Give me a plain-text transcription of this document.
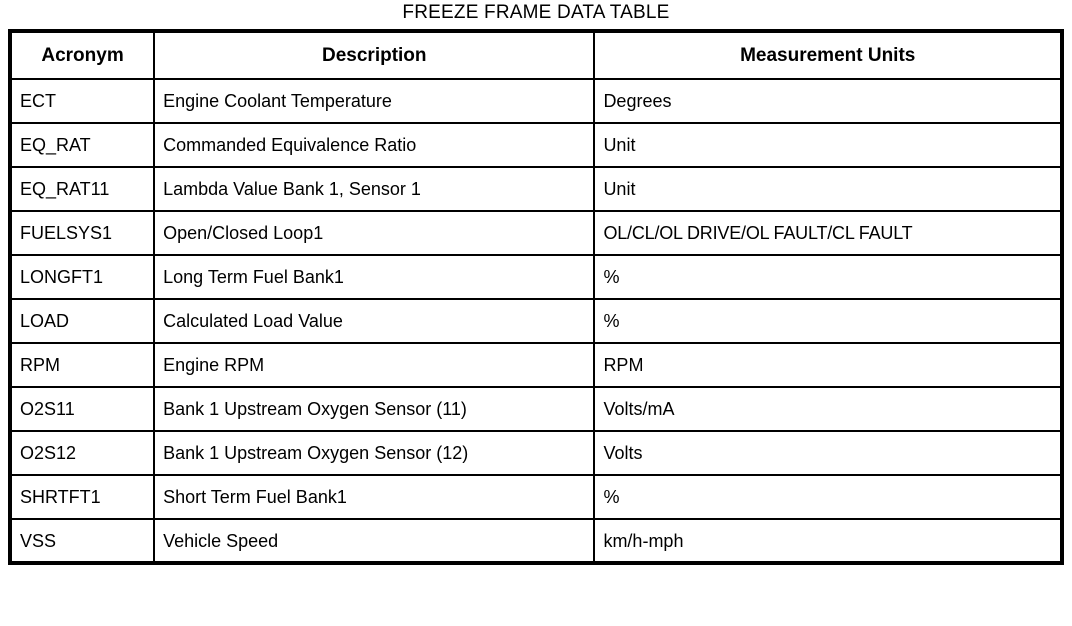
FREEZE FRAME DATA TABLE
Acronym	Description	Measurement Units
ECT	Engine Coolant Temperature	Degrees
EQ_RAT	Commanded Equivalence Ratio	Unit
EQ_RAT11	Lambda Value Bank 1, Sensor 1	Unit
FUELSYS1	Open/Closed Loop1	OL/CL/OL DRIVE/OL FAULT/CL FAULT
LONGFT1	Long Term Fuel Bank1	%
LOAD	Calculated Load Value	%
RPM	Engine RPM	RPM
O2S11	Bank 1 Upstream Oxygen Sensor (11)	Volts/mA
O2S12	Bank 1 Upstream Oxygen Sensor (12)	Volts
SHRTFT1	Short Term Fuel Bank1	%
VSS	Vehicle Speed	km/h-mph
